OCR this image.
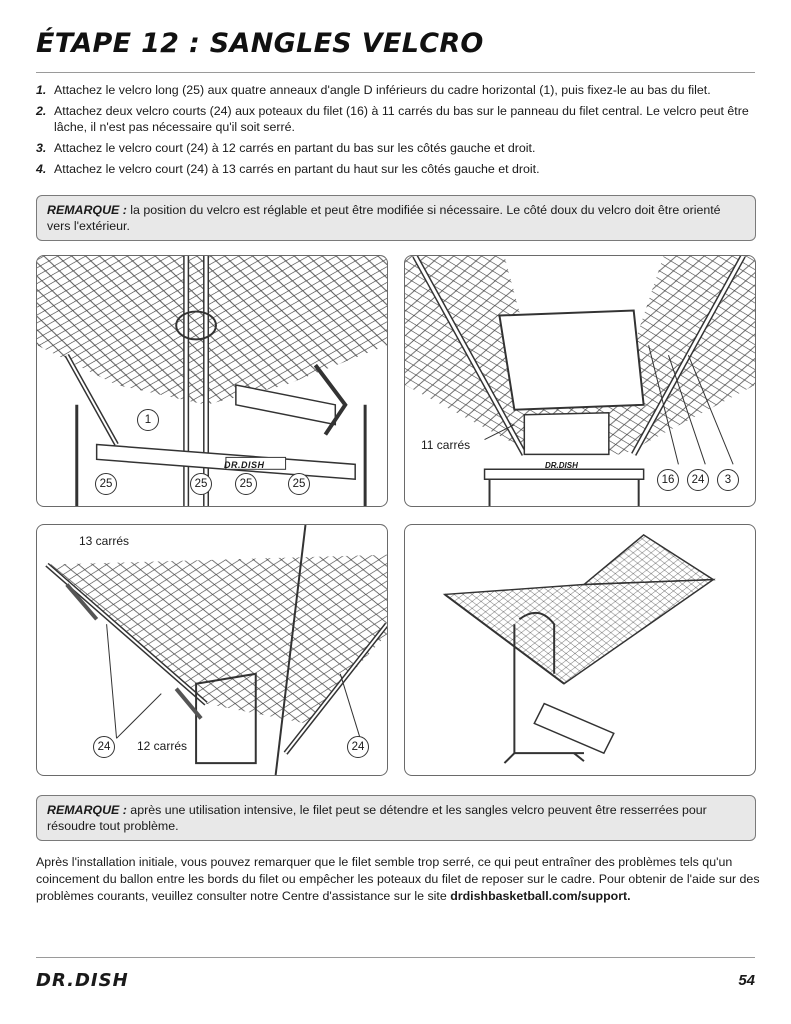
ÉTAPE 12 : SANGLES VELCRO
1. Attachez le velcro long (25) aux quatre anneaux d'angle D inférieurs du cadre horizontal (1), puis fixez-le au bas du filet.
2. Attachez deux velcro courts (24) aux poteaux du filet (16) à 11 carrés du bas sur le panneau du filet central. Le velcro peut être lâche, il n'est pas nécessaire qu'il soit serré.
3. Attachez le velcro court (24) à 12 carrés en partant du bas sur les côtés gauche et droit.
4. Attachez le velcro court (24) à 13 carrés en partant du haut sur les côtés gauche et droit.
REMARQUE : la position du velcro est réglable et peut être modifiée si nécessaire. Le côté doux du velcro doit être orienté vers l'extérieur.
DR.DISH
1
25	25	25	25
DR.DISH
11 carrés
16	24	3
13 carrés
12 carrés
24	24
REMARQUE : après une utilisation intensive, le filet peut se détendre et les sangles velcro peuvent être resserrées pour résoudre tout problème.

Après l'installation initiale, vous pouvez remarquer que le filet semble trop serré, ce qui peut entraîner des problèmes tels qu'un coincement du ballon entre les bords du filet ou empêcher les poteaux du filet de reposer sur le cadre. Pour obtenir de l'aide sur des problèmes courants, veuillez consulter notre Centre d'assistance sur le site drdishbasketball.com/support.

DR.DISH	54
